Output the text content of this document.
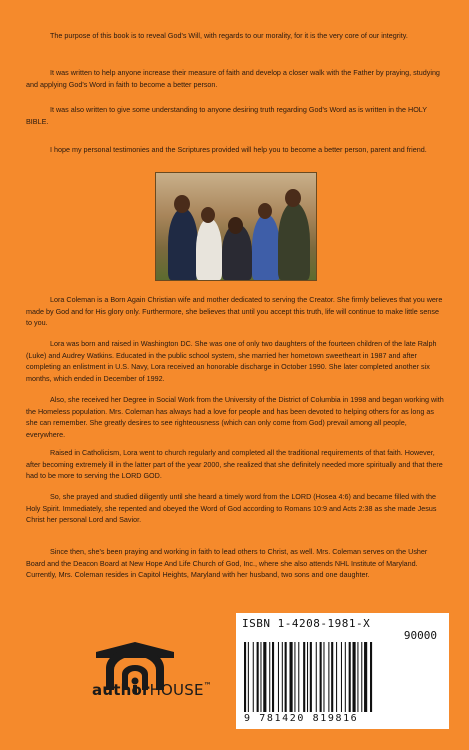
The purpose of this book is to reveal God's Will, with regards to our morality, for it is the very core of our integrity.

It was written to help anyone increase their measure of faith and develop a closer walk with the Father by praying, studying and applying God's Word in faith to become a better person.

It was also written to give some understanding to anyone desiring truth regarding God's Word as is written in the HOLY BIBLE.

I hope my personal testimonies and the Scriptures provided will help you to become a better person, parent and friend.

Lora Coleman is a Born Again Christian wife and mother dedicated to serving the Creator. She firmly believes that you were made by God and for His glory only. Furthermore, she believes that until you accept this truth, life will continue to make little sense to you.

Lora was born and raised in Washington DC. She was one of only two daughters of the fourteen children of the late Ralph (Luke) and Audrey Watkins. Educated in the public school system, she married her hometown sweetheart in 1987 and after completing an enlistment in U.S. Navy, Lora received an honorable discharge in October 1990. She later completed another six months, which ended in December of 1992.

Also, she received her Degree in Social Work from the University of the District of Columbia in 1998 and began working with the Homeless population. Mrs. Coleman has always had a love for people and has been devoted to helping others for as long as she can remember. She greatly desires to see righteousness (which can only come from God) prevail among all people, everywhere.

Raised in Catholicism, Lora went to church regularly and completed all the traditional requirements of that faith. However, after becoming extremely ill in the latter part of the year 2000, she realized that she definitely needed more spiritually and that there had to be more to serving the LORD GOD.

So, she prayed and studied diligently until she heard a timely word from the LORD (Hosea 4:6) and became filled with the Holy Spirit. Immediately, she repented and obeyed the Word of God according to Romans 10:9 and Acts 2:38 as she made Jesus Christ her personal Lord and Savior.

Since then, she's been praying and working in faith to lead others to Christ, as well. Mrs. Coleman serves on the Usher Board and the Deacon Board at New Hope And Life Church of God, Inc., where she also attends NHL Institute of Maryland. Currently, Mrs. Coleman resides in Capitol Heights, Maryland with her husband, two sons and one daughter.

authorHOUSE™
ISBN 1-4208-1981-X
90000
9 781420 819816
